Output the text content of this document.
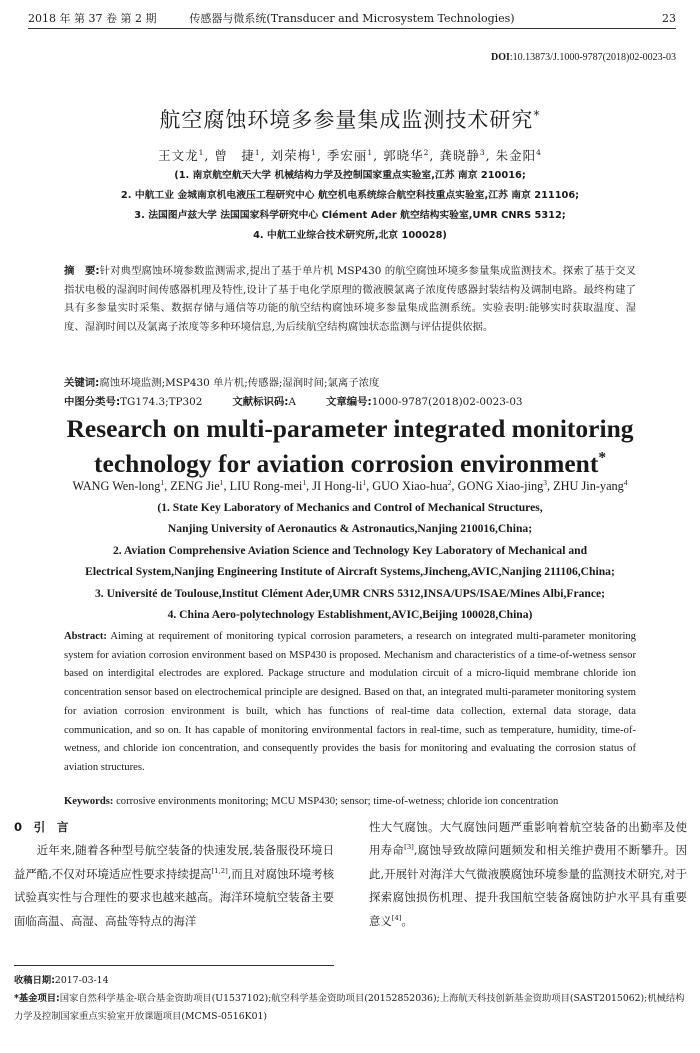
2018 年 第 37 卷 第 2 期	传感器与微系统(Transducer and Microsystem Technologies)	23
DOI:10.13873/J.1000-9787(2018)02-0023-03
航空腐蚀环境多参量集成监测技术研究*
王文龙$^1$, 曾　捷$^1$, 刘荣梅$^1$, 季宏丽$^1$, 郭晓华$^2$, 龚晓静$^3$, 朱金阳$^4$
(1. 南京航空航天大学 机械结构力学及控制国家重点实验室,江苏 南京 210016;
2. 中航工业 金城南京机电液压工程研究中心 航空机电系统综合航空科技重点实验室,江苏 南京 211106;
3. 法国图卢兹大学 法国国家科学研究中心 Clément Ader 航空结构实验室,UMR CNRS 5312;
4. 中航工业综合技术研究所,北京 100028)
摘　要:针对典型腐蚀环境参数监测需求,提出了基于单片机 MSP430 的航空腐蚀环境多参量集成监测技术。探索了基于交叉指状电极的湿润时间传感器机理及特性,设计了基于电化学原理的微液膜氯离子浓度传感器封装结构及调制电路。最终构建了具有多参量实时采集、数据存储与通信等功能的航空结构腐蚀环境多参量集成监测系统。实验表明:能够实时获取温度、湿度、湿润时间以及氯离子浓度等多种环境信息,为后续航空结构腐蚀状态监测与评估提供依据。
关键词:腐蚀环境监测;MSP430 单片机;传感器;湿润时间;氯离子浓度
中图分类号:TG174.3;TP302	文献标识码:A	文章编号:1000-9787(2018)02-0023-03
Research on multi-parameter integrated monitoring
technology for aviation corrosion environment*
WANG Wen-long$^1$, ZENG Jie$^1$, LIU Rong-mei$^1$, JI Hong-$li^1$, GUO Xiao-hua$^2$, GONG Xiao-jing$^3$, ZHU Jin-yang$^4$
(1. State Key Laboratory of Mechanics and Control of Mechanical Structures,
Nanjing University of Aeronautics & Astronautics,Nanjing 210016,China;
2. Aviation Comprehensive Aviation Science and Technology Key Laboratory of Mechanical and
Electrical System,Nanjing Engineering Institute of Aircraft Systems,Jincheng,AVIC,Nanjing 211106,China;
3. Université de Toulouse,Institut Clément Ader,UMR CNRS 5312,INSA/UPS/ISAE/Mines Albi,France;
4. China Aero-polytechnology Establishment,AVIC,Beijing 100028,China)
Abstract: Aiming at requirement of monitoring typical corrosion parameters, a research on integrated multi-parameter monitoring system for aviation corrosion environment based on MSP430 is proposed. Mechanism and characteristics of a time-of-wetness sensor based on interdigital electrodes are explored. Package structure and modulation circuit of a micro-liquid membrane chloride ion concentration sensor based on electrochemical principle are designed. Based on that, an integrated multi-parameter monitoring system for aviation corrosion environment is built, which has functions of real-time data collection, external data storage, data communication, and so on. It has capable of monitoring environmental factors in real-time, such as temperature, humidity, time-of-wetness, and chloride ion concentration, and consequently provides the basis for monitoring and evaluating the corrosion status of aviation structures.
Keywords: corrosive environments monitoring; MCU MSP430; sensor; time-of-wetness; chloride ion concentration
0　引　言
近年来,随着各种型号航空装备的快速发展,装备服役环境日益严酷,不仅对环境适应性要求持续提高[1,2],而且对腐蚀环境考核试验真实性与合理性的要求也越来越高。海洋环境航空装备主要面临高温、高湿、高盐等特点的海洋
性大气腐蚀。大气腐蚀问题严重影响着航空装备的出勤率及使用寿命[3],腐蚀导致故障问题频发和相关维护费用不断攀升。因此,开展针对海洋大气微液膜腐蚀环境参量的监测技术研究,对于探索腐蚀损伤机理、提升我国航空装备腐蚀防护水平具有重要意义[4]。
收稿日期:2017-03-14
*基金项目:国家自然科学基金-联合基金资助项目(U1537102);航空科学基金资助项目(20152852036);上海航天科技创新基金资助项目(SAST2015062);机械结构力学及控制国家重点实验室开放课题项目(MCMS-0516K01)
